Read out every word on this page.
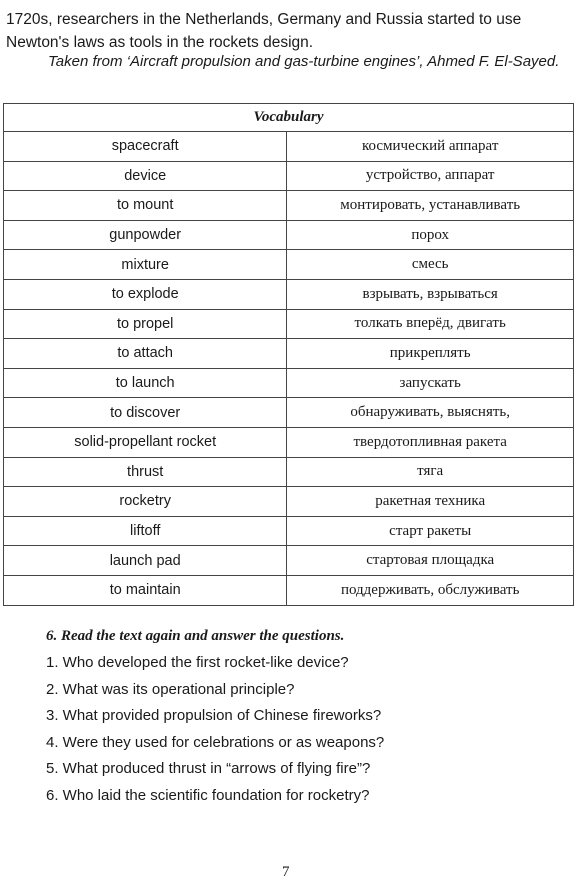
1720s, researchers in the Netherlands, Germany and Russia started to use Newton's laws as tools in the rockets design.

Taken from ‘Aircraft propulsion and gas-turbine engines’, Ahmed F. El-Sayed.

Vocabulary	
spacecraft	космический аппарат
device	устройство, аппарат
to mount	монтировать, устанавливать
gunpowder	порох
mixture	смесь
to explode	взрывать, взрываться
to propel	толкать вперёд, двигать
to attach	прикреплять
to launch	запускать
to discover	обнаруживать, выяснять,
solid-propellant rocket	твердотопливная ракета
thrust	тяга
rocketry	ракетная техника
liftoff	старт ракеты
launch pad	стартовая площадка
to maintain	поддерживать, обслуживать

6. Read the text again and answer the questions.

1. Who developed the first rocket-like device?
2. What was its operational principle?
3. What provided propulsion of Chinese fireworks?
4. Were they used for celebrations or as weapons?
5. What produced thrust in “arrows of flying fire”?
6. Who laid the scientific foundation for rocketry?

7
